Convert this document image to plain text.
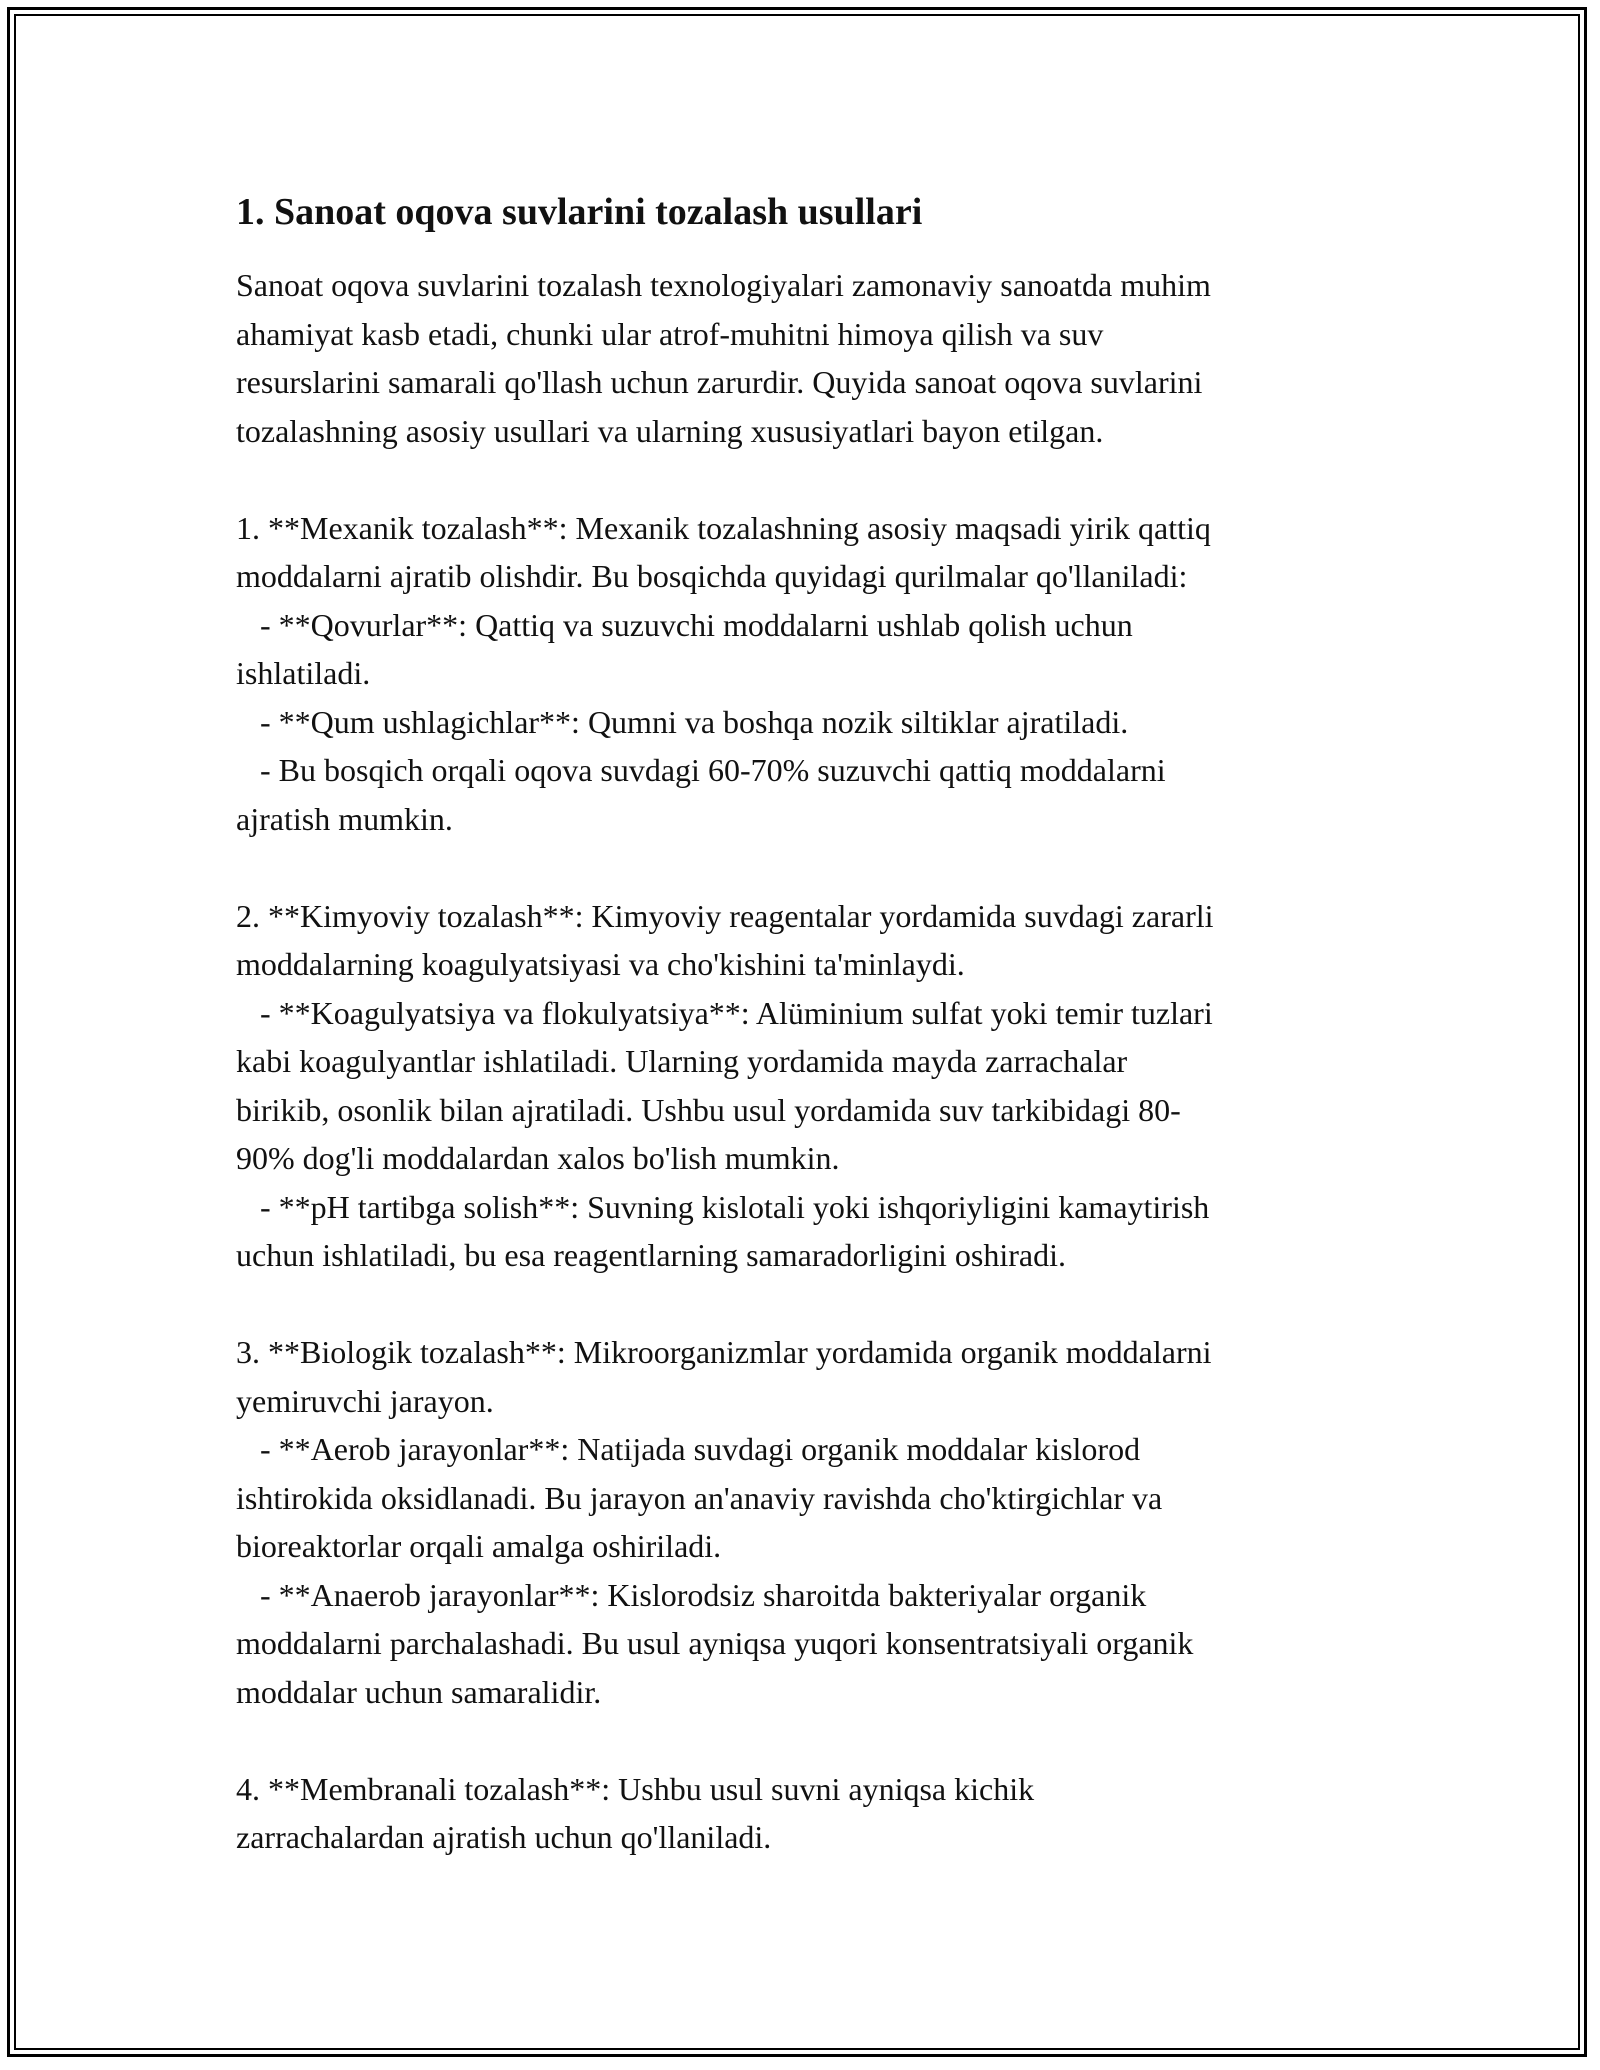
1. Sanoat oqova suvlarini tozalash usullari

Sanoat oqova suvlarini tozalash texnologiyalari zamonaviy sanoatda muhim
ahamiyat kasb etadi, chunki ular atrof-muhitni himoya qilish va suv
resurslarini samarali qo'llash uchun zarurdir. Quyida sanoat oqova suvlarini
tozalashning asosiy usullari va ularning xususiyatlari bayon etilgan.

1. **Mexanik tozalash**: Mexanik tozalashning asosiy maqsadi yirik qattiq
moddalarni ajratib olishdir. Bu bosqichda quyidagi qurilmalar qo'llaniladi:
- **Qovurlar**: Qattiq va suzuvchi moddalarni ushlab qolish uchun
ishlatiladi.
- **Qum ushlagichlar**: Qumni va boshqa nozik siltiklar ajratiladi.
- Bu bosqich orqali oqova suvdagi 60-70% suzuvchi qattiq moddalarni
ajratish mumkin.

2. **Kimyoviy tozalash**: Kimyoviy reagentalar yordamida suvdagi zararli
moddalarning koagulyatsiyasi va cho'kishini ta'minlaydi.
- **Koagulyatsiya va flokulyatsiya**: Alüminium sulfat yoki temir tuzlari
kabi koagulyantlar ishlatiladi. Ularning yordamida mayda zarrachalar
birikib, osonlik bilan ajratiladi. Ushbu usul yordamida suv tarkibidagi 80-
90% dog'li moddalardan xalos bo'lish mumkin.
- **pH tartibga solish**: Suvning kislotali yoki ishqoriyligini kamaytirish
uchun ishlatiladi, bu esa reagentlarning samaradorligini oshiradi.

3. **Biologik tozalash**: Mikroorganizmlar yordamida organik moddalarni
yemiruvchi jarayon.
- **Aerob jarayonlar**: Natijada suvdagi organik moddalar kislorod
ishtirokida oksidlanadi. Bu jarayon an'anaviy ravishda cho'ktirgichlar va
bioreaktorlar orqali amalga oshiriladi.
- **Anaerob jarayonlar**: Kislorodsiz sharoitda bakteriyalar organik
moddalarni parchalashadi. Bu usul ayniqsa yuqori konsentratsiyali organik
moddalar uchun samaralidir.

4. **Membranali tozalash**: Ushbu usul suvni ayniqsa kichik
zarrachalardan ajratish uchun qo'llaniladi.
